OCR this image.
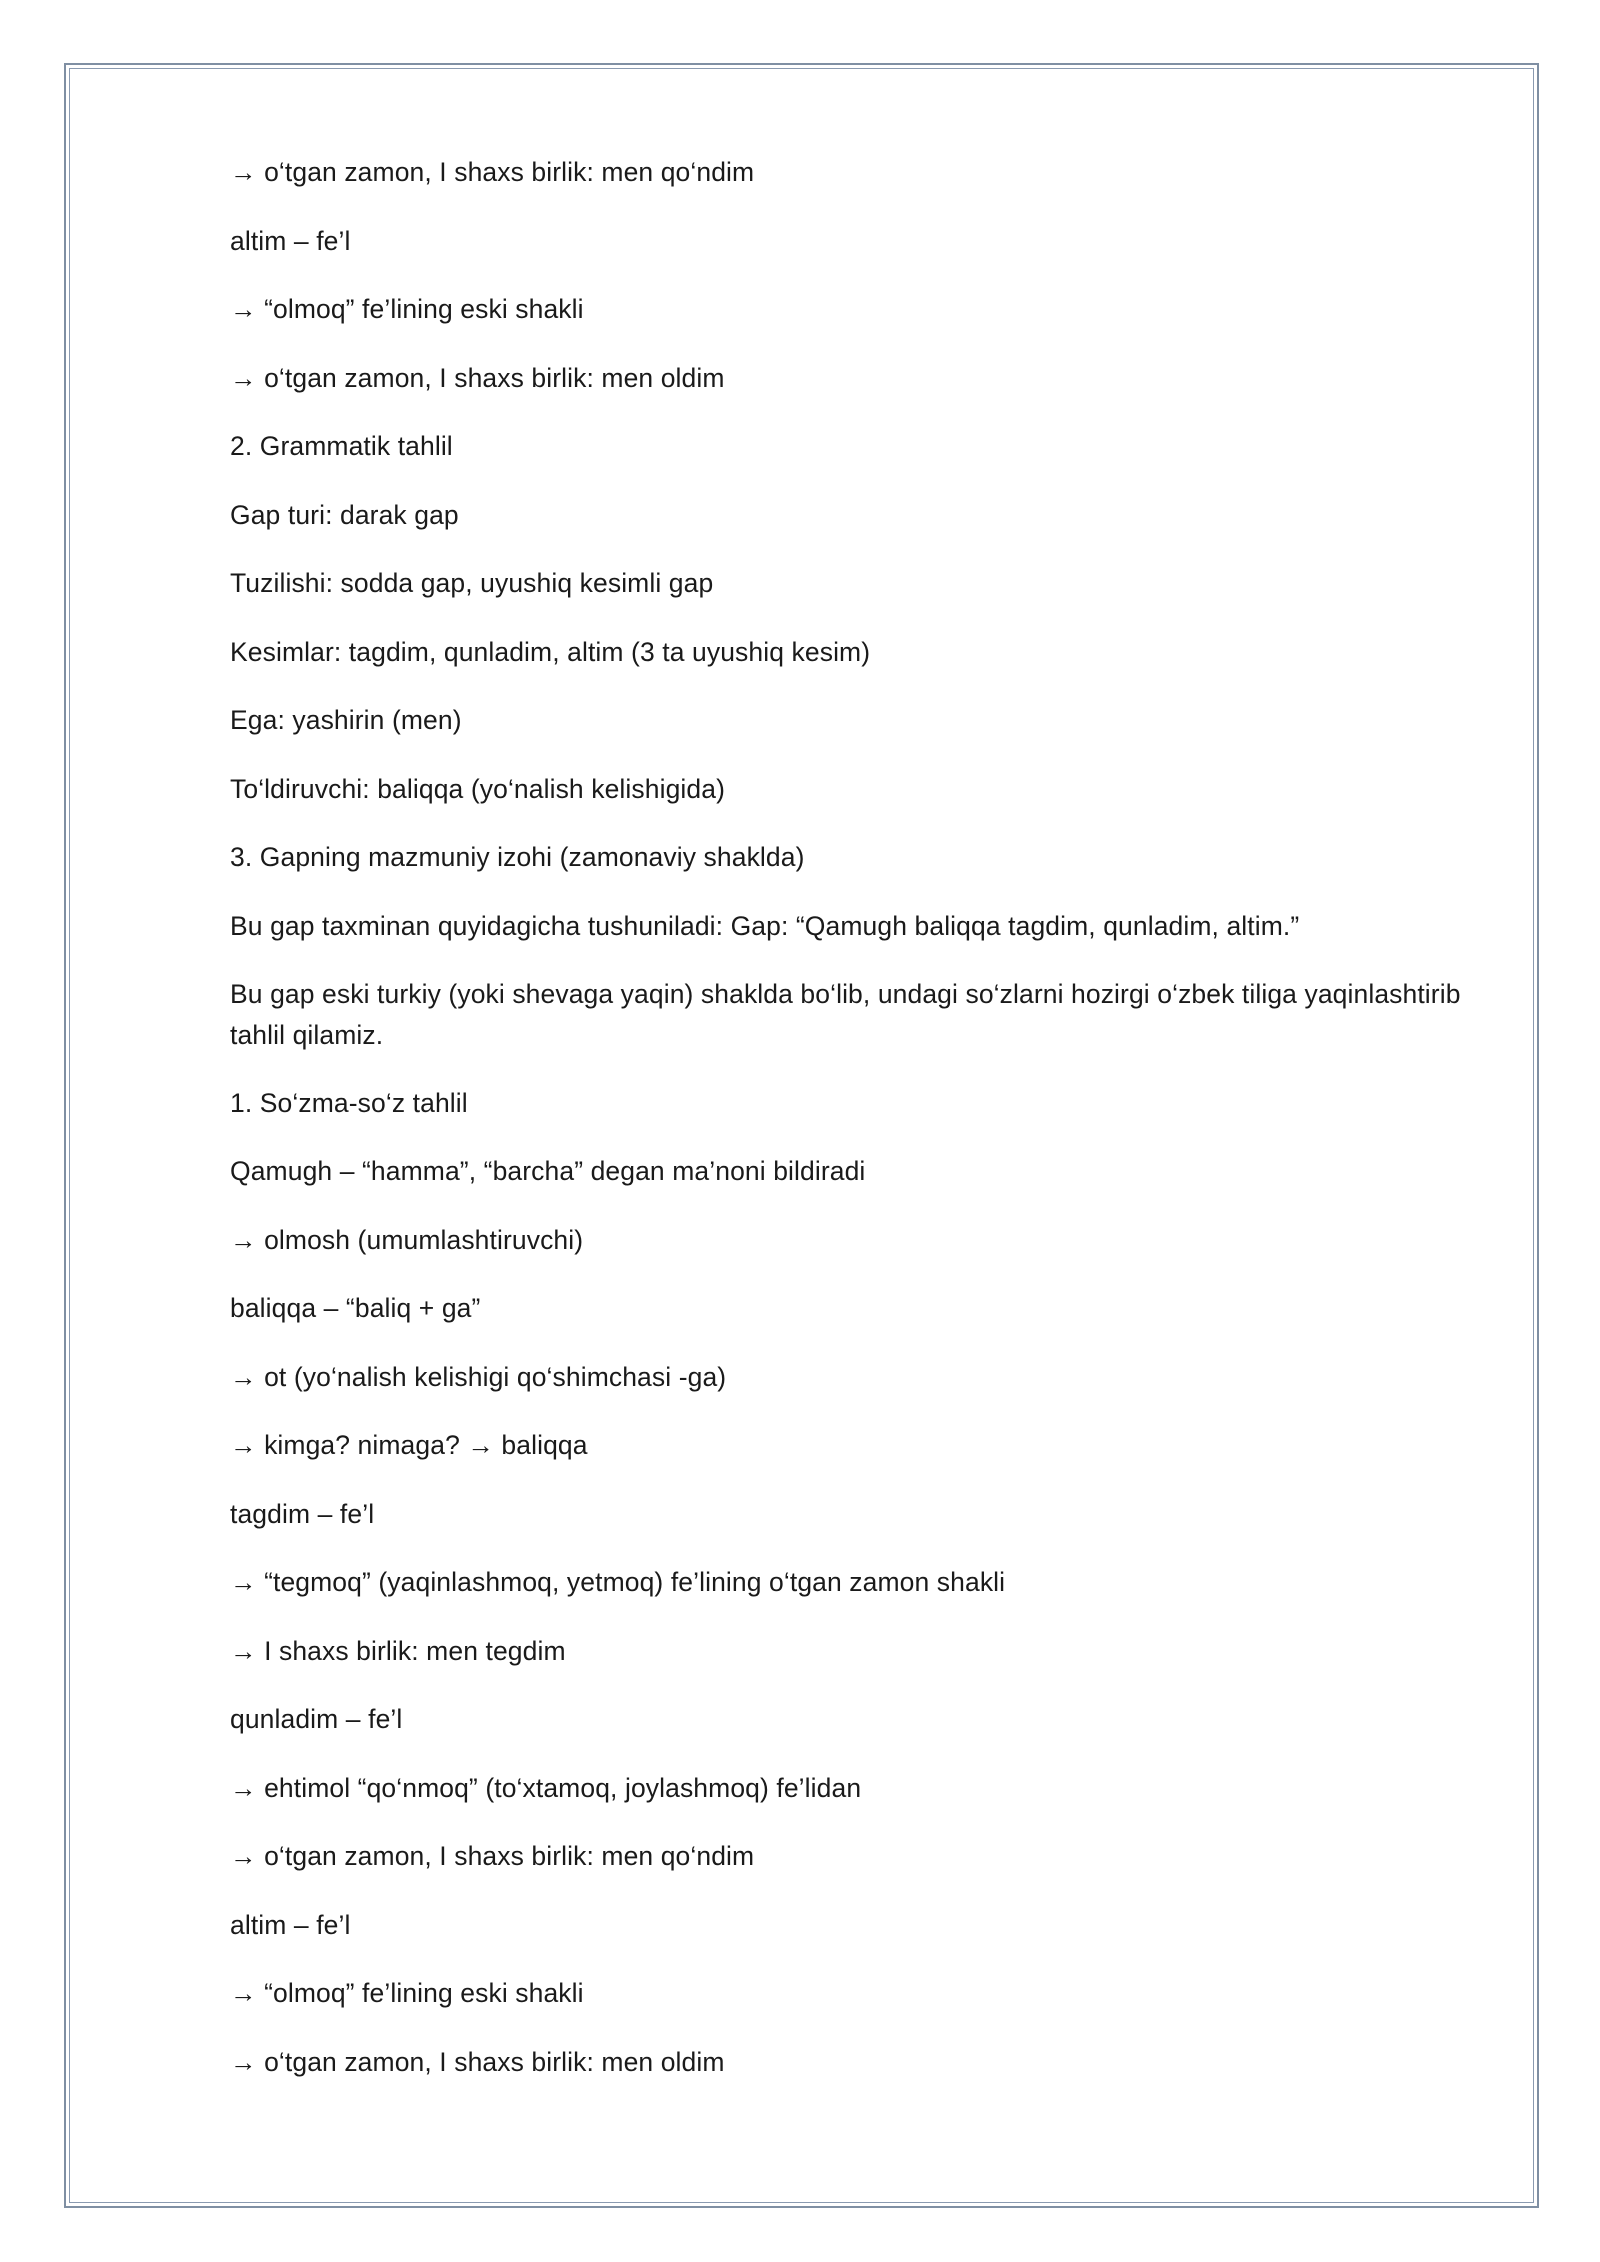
→ o‘tgan zamon, I shaxs birlik: men qo‘ndim
altim – fe’l
→ “olmoq” fe’lining eski shakli
→ o‘tgan zamon, I shaxs birlik: men oldim
2. Grammatik tahlil
Gap turi: darak gap
Tuzilishi: sodda gap, uyushiq kesimli gap
Kesimlar: tagdim, qunladim, altim (3 ta uyushiq kesim)
Ega: yashirin (men)
To‘ldiruvchi: baliqqa (yo‘nalish kelishigida)
3. Gapning mazmuniy izohi (zamonaviy shaklda)
Bu gap taxminan quyidagicha tushuniladi: Gap: “Qamugh baliqqa tagdim, qunladim, altim.”
Bu gap eski turkiy (yoki shevaga yaqin) shaklda bo‘lib, undagi so‘zlarni hozirgi o‘zbek tiliga yaqinlashtirib tahlil qilamiz.
1. So‘zma-so‘z tahlil
Qamugh – “hamma”, “barcha” degan ma’noni bildiradi
→ olmosh (umumlashtiruvchi)
baliqqa – “baliq + ga”
→ ot (yo‘nalish kelishigi qo‘shimchasi -ga)
→ kimga? nimaga? → baliqqa
tagdim – fe’l
→ “tegmoq” (yaqinlashmoq, yetmoq) fe’lining o‘tgan zamon shakli
→ I shaxs birlik: men tegdim
qunladim – fe’l
→ ehtimol “qo‘nmoq” (to‘xtamoq, joylashmoq) fe’lidan
→ o‘tgan zamon, I shaxs birlik: men qo‘ndim
altim – fe’l
→ “olmoq” fe’lining eski shakli
→ o‘tgan zamon, I shaxs birlik: men oldim
